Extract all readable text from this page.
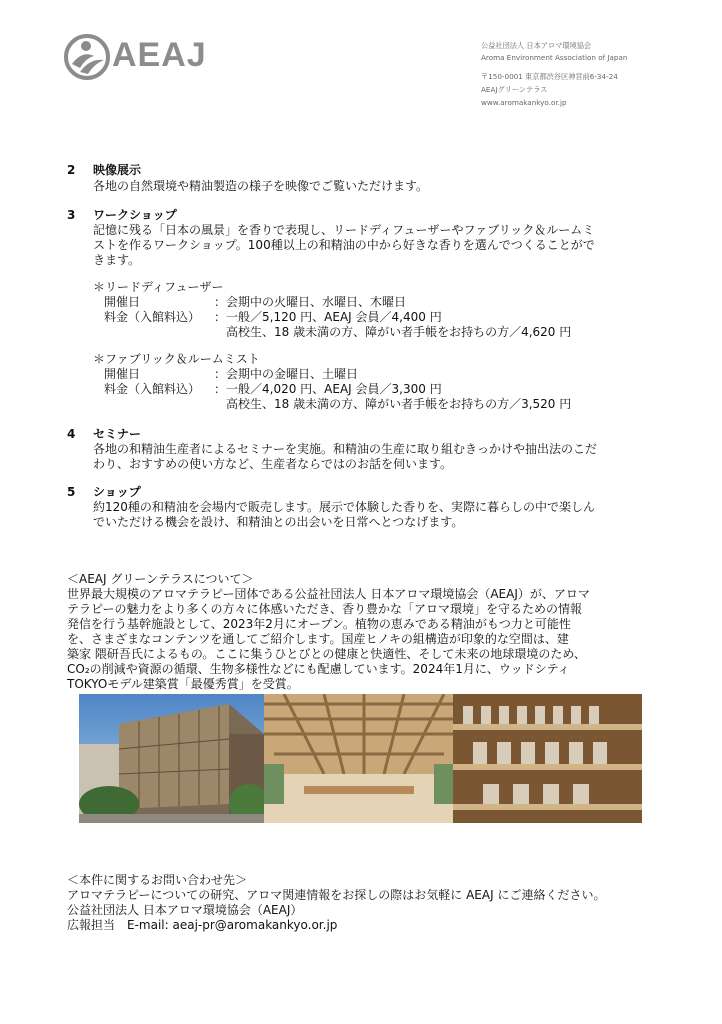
AEAJ	公益社団法人 日本アロマ環境協会
Aroma Environment Association of Japan
〒150-0001 東京都渋谷区神宮前6-34-24
AEAJグリーンテラス
www.aromakankyo.or.jp
2 映像展示
各地の自然環境や精油製造の様子を映像でご覧いただけます。
3 ワークショップ
記憶に残る「日本の風景」を香りで表現し、リードディフューザーやファブリック＆ルームミ
ストを作るワークショップ。100種以上の和精油の中から好きな香りを選んでつくることがで
きます。
＊リードディフューザー
開催日	：会期中の火曜日、水曜日、木曜日
料金（入館料込） ：一般／5,120 円、AEAJ 会員／4,400 円
高校生、18 歳未満の方、障がい者手帳をお持ちの方／4,620 円
＊ファブリック＆ルームミスト
開催日	：会期中の金曜日、土曜日
料金（入館料込） ：一般／4,020 円、AEAJ 会員／3,300 円
高校生、18 歳未満の方、障がい者手帳をお持ちの方／3,520 円
4 セミナー
各地の和精油生産者によるセミナーを実施。和精油の生産に取り組むきっかけや抽出法のこだ
わり、おすすめの使い方など、生産者ならではのお話を伺います。
5 ショップ
約120種の和精油を会場内で販売します。展示で体験した香りを、実際に暮らしの中で楽しん
でいただける機会を設け、和精油との出会いを日常へとつなげます。
＜AEAJ グリーンテラスについて＞
世界最大規模のアロマテラピー団体である公益社団法人 日本アロマ環境協会（AEAJ）が、アロマ
テラピーの魅力をより多くの方々に体感いただき、香り豊かな「アロマ環境」を守るための情報
発信を行う基幹施設として、2023年2月にオープン。植物の恵みである精油がもつ力と可能性
を、さまざまなコンテンツを通してご紹介します。国産ヒノキの組構造が印象的な空間は、建
築家 隈研吾氏によるもの。ここに集うひとびとの健康と快適性、そして未来の地球環境のため、
CO₂の削減や資源の循環、生物多様性などにも配慮しています。2024年1月に、ウッドシティ
TOKYOモデル建築賞「最優秀賞」を受賞。
＜本件に関するお問い合わせ先＞
アロマテラピーについての研究、アロマ関連情報をお探しの際はお気軽に AEAJ にご連絡ください。
公益社団法人 日本アロマ環境協会（AEAJ）
広報担当　E-mail: aeaj-pr@aromakankyo.or.jp
